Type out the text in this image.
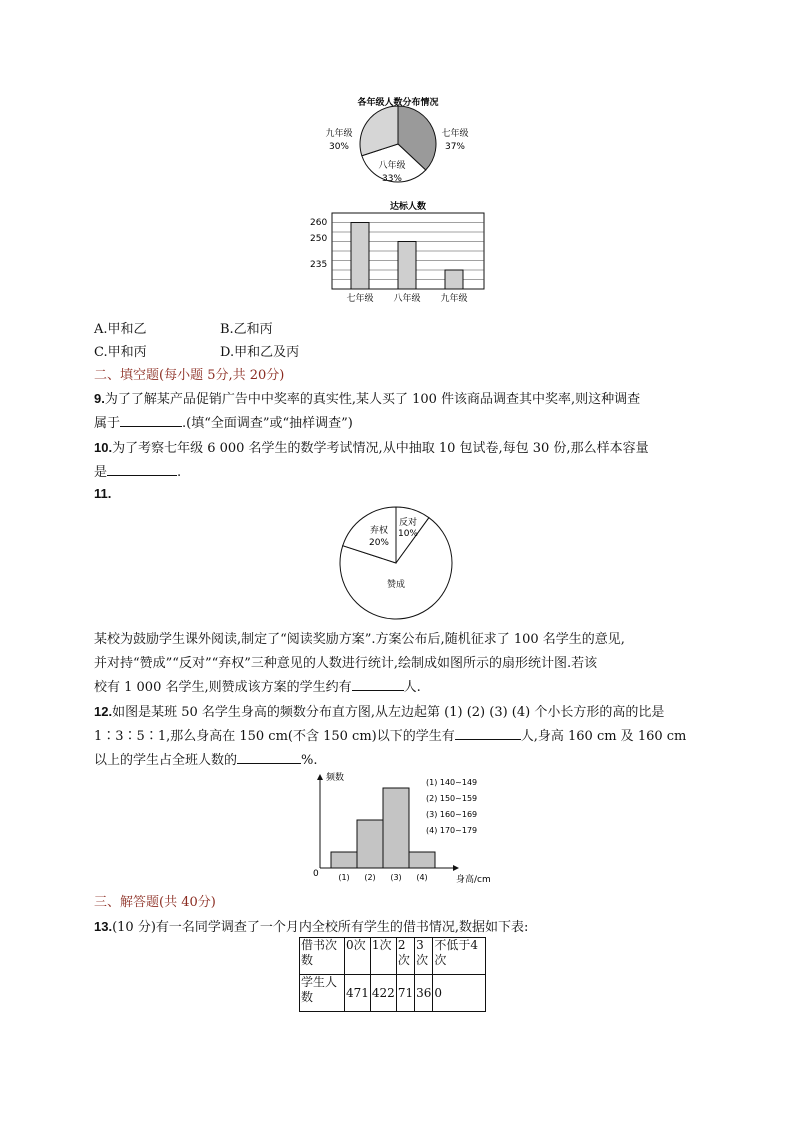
各年级人数分布情况
七年级
37%
八年级
33%
九年级
30%
达标人数
260
250
235
七年级 八年级 九年级
A.甲和乙	B.乙和丙
C.甲和丙	D.甲和乙及丙
二、填空题(每小题 5分,共 20分)
9.为了了解某产品促销广告中中奖率的真实性,某人买了 100 件该商品调查其中奖率,则这种调查
属于	.(填“全面调查”或“抽样调查”)
10.为了考察七年级 6 000 名学生的数学考试情况,从中抽取 10 包试卷,每包 30 份,那么样本容量
是	.
11.
反对
10%
弃权
20%
赞成
某校为鼓励学生课外阅读,制定了“阅读奖励方案”.方案公布后,随机征求了 100 名学生的意见,
并对持“赞成”“反对”“弃权”三种意见的人数进行统计,绘制成如图所示的扇形统计图.若该
校有 1 000 名学生,则赞成该方案的学生约有	人.
12.如图是某班 50 名学生身高的频数分布直方图,从左边起第 (1) (2) (3) (4) 个小长方形的高的比是
1∶3∶5∶1,那么身高在 150 cm(不含 150 cm)以下的学生有	人,身高 160 cm 及 160 cm
以上的学生占全班人数的	%.
频数
身高/cm
0 (1) (2) (3) (4)
(1) 140~149
(2) 150~159
(3) 160~169
(4) 170~179
三、解答题(共 40分)
13.(10 分)有一名同学调查了一个月内全校所有学生的借书情况,数据如下表:
借书次数	0次	1次	2次	3次	不低于4次
学生人数	471	422	71	36	0
